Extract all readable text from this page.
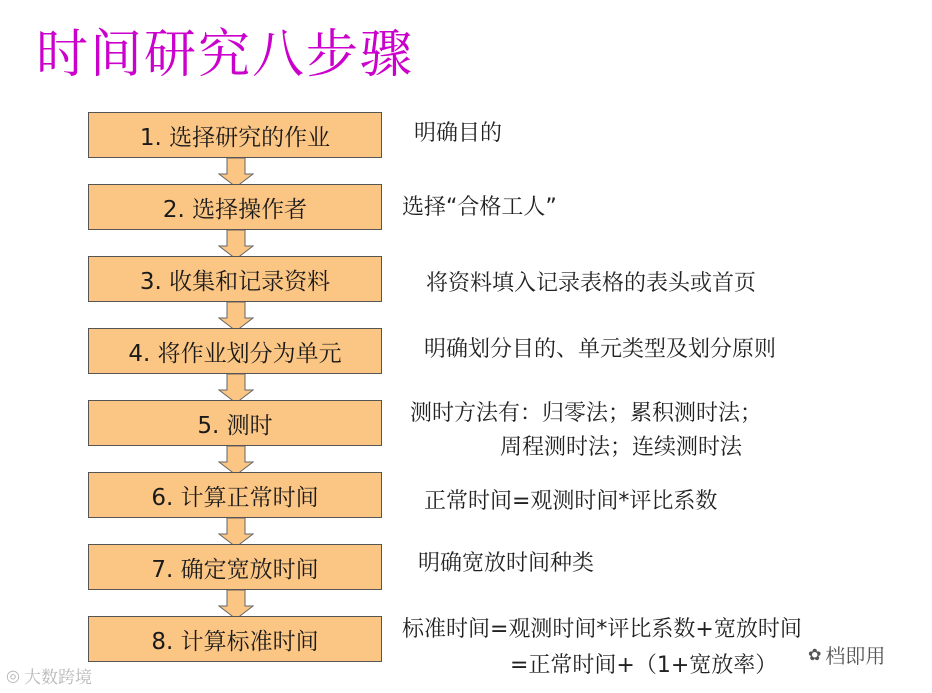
时间研究八步骤
1. 选择研究的作业
2. 选择操作者
3. 收集和记录资料
4. 将作业划分为单元
5. 测时
6. 计算正常时间
7. 确定宽放时间
8. 计算标准时间
明确目的
选择“合格工人”
将资料填入记录表格的表头或首页
明确划分目的、单元类型及划分原则
测时方法有：归零法；累积测时法；
周程测时法；连续测时法
正常时间=观测时间*评比系数
明确宽放时间种类
标准时间=观测时间*评比系数+宽放时间
=正常时间+（1+宽放率）
◎ 大数跨境
✿ 档即用
